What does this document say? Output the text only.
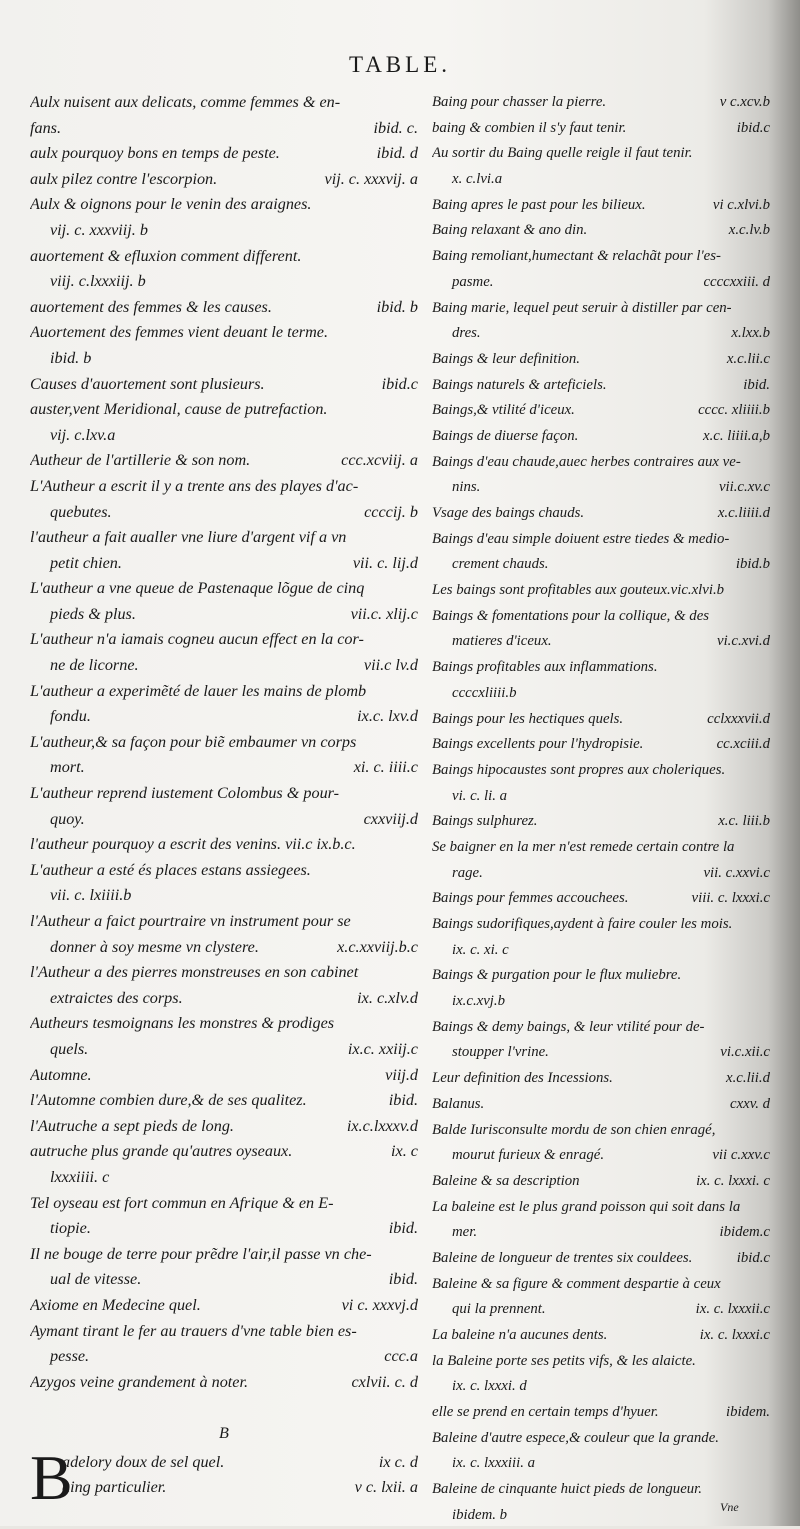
TABLE.
Aulx nuisent aux delicats, comme femmes & en-
fans.	ibid. c.
aulx pourquoy bons en temps de peste.	ibid. d
aulx pilez contre l'escorpion.	vij. c. xxxvij. a
Aulx & oignons pour le venin des araignes.
vij. c. xxxviij. b
auortement & efluxion comment different.
viij. c.lxxxiij. b
auortement des femmes & les causes.	ibid. b
Auortement des femmes vient deuant le terme.
ibid. b
Causes d'auortement sont plusieurs.	ibid.c
auster,vent Meridional, cause de putrefaction.
vij. c.lxv.a
Autheur de l'artillerie & son nom.	ccc.xcviij. a
L'Autheur a escrit il y a trente ans des playes d'ac-
quebutes.	ccccij. b
l'autheur a fait aualler vne liure d'argent vif a vn
petit chien.	vii. c. lij.d
L'autheur a vne queue de Pastenaque lõgue de cinq
pieds & plus.	vii.c. xlij.c
L'autheur n'a iamais cogneu aucun effect en la cor-
ne de licorne.	vii.c lv.d
L'autheur a experimẽté de lauer les mains de plomb
fondu.	ix.c. lxv.d
L'autheur,& sa façon pour biẽ embaumer vn corps
mort.	xi. c. iiii.c
L'autheur reprend iustement Colombus & pour-
quoy.	cxxviij.d
l'autheur pourquoy a escrit des venins. vii.c ix.b.c.
L'autheur a esté és places estans assiegees.
vii. c. lxiiii.b
l'Autheur a faict pourtraire vn instrument pour se
donner à soy mesme vn clystere.	x.c.xxviij.b.c
l'Autheur a des pierres monstreuses en son cabinet
extraictes des corps.	ix. c.xlv.d
Autheurs tesmoignans les monstres & prodiges
quels.	ix.c. xxiij.c
Automne.	viij.d
l'Automne combien dure,& de ses qualitez.	ibid.
l'Autruche a sept pieds de long.	ix.c.lxxxv.d
autruche plus grande qu'autres oyseaux.	ix. c
lxxxiiii. c
Tel oyseau est fort commun en Afrique & en E-
tiopie.	ibid.
Il ne bouge de terre pour prẽdre l'air,il passe vn che-
ual de vitesse.	ibid.
Axiome en Medecine quel.	vi c. xxxvj.d
Aymant tirant le fer au trauers d'vne table bien es-
pesse.	ccc.a
Azygos veine grandement à noter.	cxlvii. c. d
B
Baing pour chasser la pierre.	v c.xcv.b
baing & combien il s'y faut tenir.	ibid.c
Au sortir du Baing quelle reigle il faut tenir.
x. c.lvi.a
Baing apres le past pour les bilieux.	vi c.xlvi.b
Baing relaxant & ano din.	x.c.lv.b
Baing remoliant,humectant & relachãt pour l'es-
pasme.	ccccxxiii. d
Baing marie, lequel peut seruir à distiller par cen-
dres.	x.lxx.b
Baings & leur definition.	x.c.lii.c
Baings naturels & arteficiels.	ibid.
Baings,& vtilité d'iceux.	cccc. xliiii.b
Baings de diuerse façon.	x.c. liiii.a,b
Baings d'eau chaude,auec herbes contraires aux ve-
nins.	vii.c.xv.c
Vsage des baings chauds.	x.c.liiii.d
Baings d'eau simple doiuent estre tiedes & medio-
crement chauds.	ibid.b
Les baings sont profitables aux gouteux.vic.xlvi.b
Baings & fomentations pour la collique, & des
matieres d'iceux.	vi.c.xvi.d
Baings profitables aux inflammations.
ccccxliiii.b
Baings pour les hectiques quels.	cclxxxvii.d
Baings excellents pour l'hydropisie.	cc.xciii.d
Baings hipocaustes sont propres aux choleriques.
vi. c. li. a
Baings sulphurez.	x.c. liii.b
Se baigner en la mer n'est remede certain contre la
rage.	vii. c.xxvi.c
Baings pour femmes accouchees.	viii. c. lxxxi.c
Baings sudorifiques,aydent à faire couler les mois.
ix. c. xi. c
Baings & purgation pour le flux muliebre.
ix.c.xvj.b
Baings & demy baings, & leur vtilité pour de-
stoupper l'vrine.	vi.c.xii.c
Leur definition des Incessions.	x.c.lii.d
Balanus.	cxxv. d
Balde Iurisconsulte mordu de son chien enragé,
mourut furieux & enragé.	vii c.xxv.c
Baleine & sa description	ix. c. lxxxi. c
La baleine est le plus grand poisson qui soit dans la
mer.	ibidem.c
Baleine de longueur de trentes six couldees.	ibid.c
Baleine & sa figure & comment despartie à ceux
qui la prennent.	ix. c. lxxxii.c
La baleine n'a aucunes dents.	ix. c. lxxxi.c
la Baleine porte ses petits vifs, & les alaicte.
ix. c. lxxxi. d
elle se prend en certain temps d'hyuer.	ibidem.
Baleine d'autre espece,& couleur que la grande.
ix. c. lxxxiii. a
Baleine de cinquante huict pieds de longueur.
ibidem. b
B
adelory doux de sel quel.	ix c. d
aing particulier.	v c. lxii. a
Vne
